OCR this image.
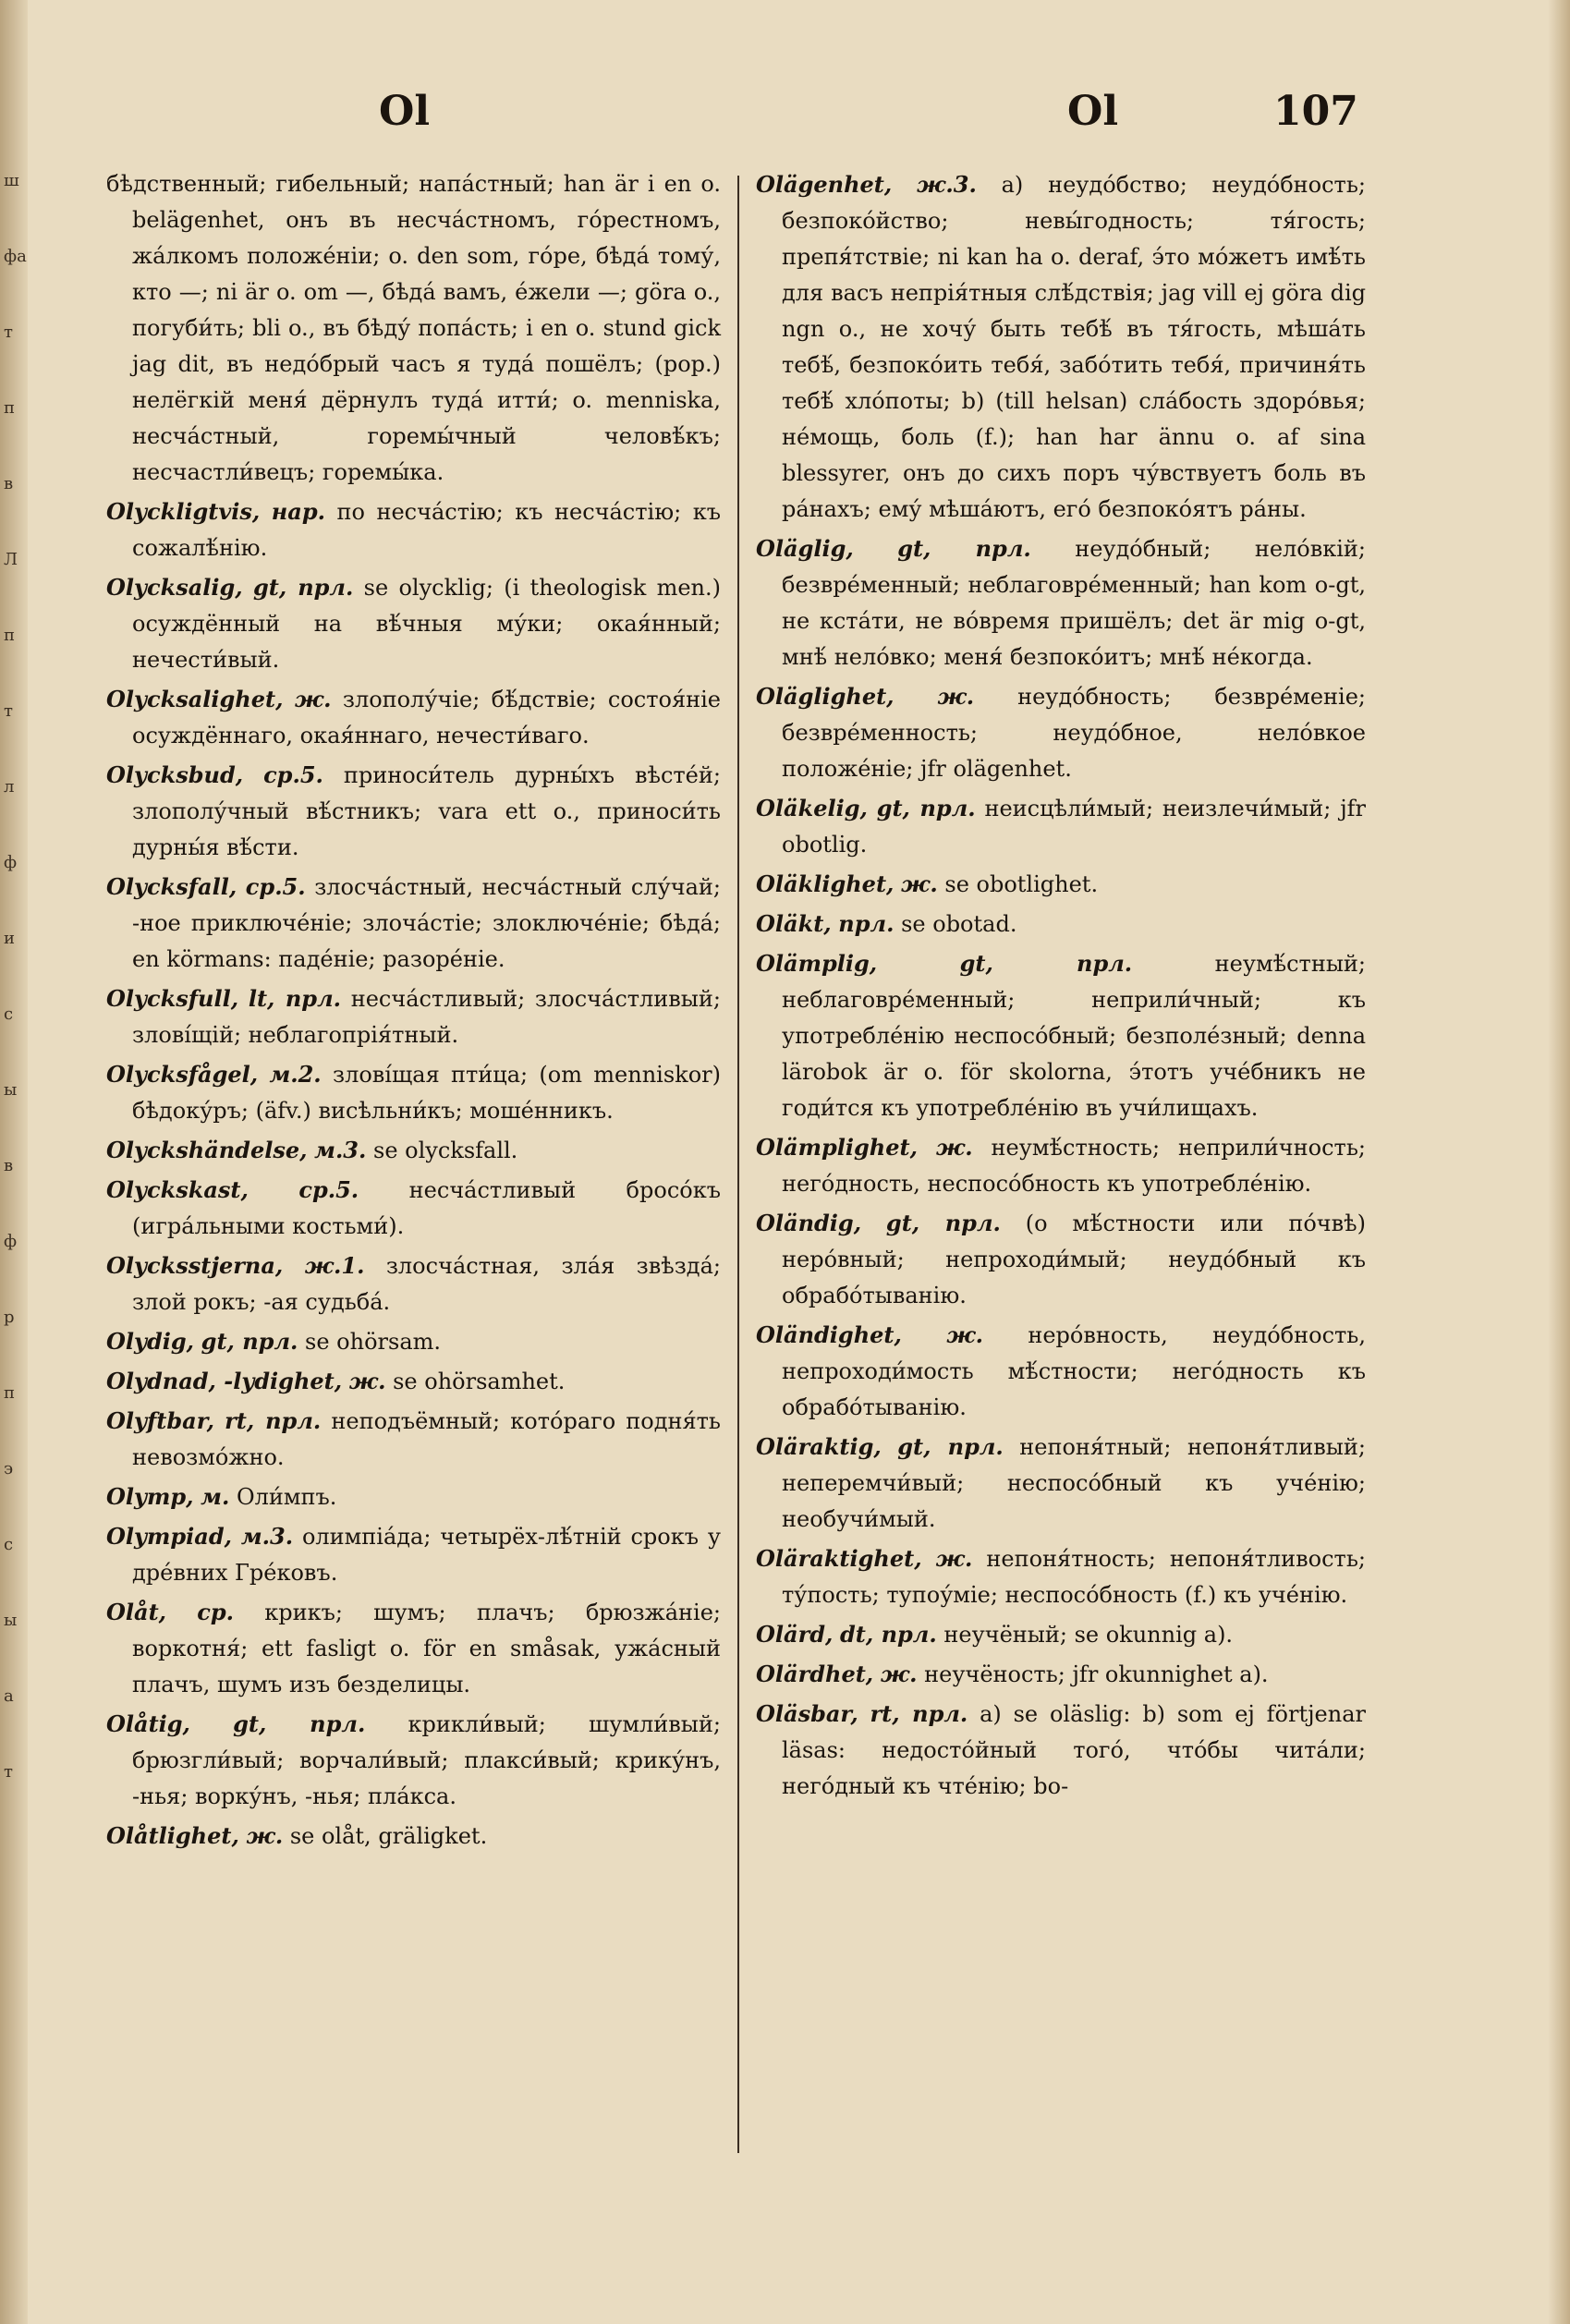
ш
фа
т
п
в
Л
п
т
л
ф
и
с
ы
в
ф
р
п
э
с
ы
а
т
Ol	Ol	107

бѣдственный; гибельный; напа́стный; han är i en o. belägenhet, онъ въ несча́стномъ, го́рестномъ, жа́лкомъ положе́ніи; o. den som, го́ре, бѣда́ тому́, кто —; ni är o. om —, бѣда́ вамъ, е́жели —; göra o., погуби́ть; bli o., въ бѣду́ попа́сть; i en o. stund gick jag dit, въ недо́брый часъ я туда́ пошёлъ; (pop.) нелёгкій меня́ дёрнулъ туда́ итти́; o. menniska, несча́стный, горемы́чный человѣ́къ; несчастли́вецъ; горемы́ка.

Olyckligtvis, нар. по несча́стію; къ несча́стію; къ сожалѣ́нію.

Olycksalig, gt, прл. se olycklig; (i theologisk men.) осуждённый на вѣ́чныя му́ки; окая́нный; нечести́вый.

Olycksalighet, ж. злополу́чіе; бѣ́дствіе; состоя́ніе осуждённаго, окая́ннаго, нечести́ваго.

Olycksbud, ср.5. приноси́тель дурны́хъ вѣсте́й; злополу́чный вѣ́стникъ; vara ett o., приноси́ть дурны́я вѣ́сти.

Olycksfall, ср.5. злосча́стный, несча́стный слу́чай; -ное приключе́ніе; злоча́стіе; злоключе́ніе; бѣда́; en körmans: паде́ніе; разоре́ніе.

Olycksfull, lt, прл. несча́стливый; злосча́стливый; злові́щій; неблагопрія́тный.

Olycksfågel, м.2. злові́щая пти́ца; (om menniskor) бѣдоку́ръ; (äfv.) висѣльни́къ; моше́нникъ.

Olyckshändelse, м.3. se olycksfall.

Olyckskast, ср.5. несча́стливый бросо́къ (игра́льными костьми́).

Olycksstjerna, ж.1. злосча́стная, зла́я звѣзда́; злой рокъ; -ая судьба́.

Olydig, gt, прл. se ohörsam.

Olydnad, -lydighet, ж. se ohörsamhet.

Olyftbar, rt, прл. неподъёмный; кото́раго подня́ть невозмо́жно.

Olymp, м. Оли́мпъ.

Olympiad, м.3. олимпіа́да; четырёх-лѣ́тній срокъ у дре́вних Гре́ковъ.

Olåt, ср. крикъ; шумъ; плачъ; брюзжа́ніе; воркотня́; ett fasligt o. för en småsak, ужа́сный плачъ, шумъ изъ безделицы.

Olåtig, gt, прл. крикли́вый; шумли́вый; брюзгли́вый; ворчали́вый; плакси́вый; крику́нъ, -нья; ворку́нъ, -нья; пла́кса.

Olåtlighet, ж. se olåt, gräligket.

Olägenhet, ж.3. a) неудо́бство; неудо́бность; безпоко́йство; невы́годность; тя́гость; препя́тствіе; ni kan ha o. deraf, э́то мо́жетъ имѣ́ть для васъ непрія́тныя слѣ́дствія; jag vill ej göra dig ngn o., не хочу́ быть тебѣ́ въ тя́гость, мѣша́ть тебѣ́, безпоко́ить тебя́, забо́тить тебя́, причиня́ть тебѣ́ хло́поты; b) (till helsan) сла́бость здоро́вья; не́мощь, боль (f.); han har ännu o. af sina blessyrer, онъ до сихъ поръ чу́вствуетъ боль въ ра́нахъ; ему́ мѣша́ютъ, его́ безпоко́ятъ ра́ны.

Oläglig, gt, прл. неудо́бный; нело́вкій; безвре́менный; неблаговре́менный; han kom o-gt, не кста́ти, не во́время пришёлъ; det är mig o-gt, мнѣ́ нело́вко; меня́ безпоко́итъ; мнѣ́ не́когда.

Oläglighet, ж. неудо́бность; безвре́меніе; безвре́менность; неудо́бное, нело́вкое положе́ніе; jfr olägenhet.

Oläkelig, gt, прл. неисцѣли́мый; неизлечи́мый; jfr obotlig.

Oläklighet, ж. se obotlighet.

Oläkt, прл. se obotad.

Olämplig,	gt, прл.	неумѣ́стный; неблаговре́менный; неприли́чный; къ употребле́нію неспосо́бный; безполе́зный; denna lärobok är o. för skolorna, э́тотъ уче́бникъ не годи́тся къ употребле́нію въ учи́лищахъ.

Olämplighet, ж. неумѣ́стность; неприли́чность; него́дность, неспосо́бность къ употребле́нію.

Oländig, gt, прл. (о мѣ́стности или по́чвѣ) неро́вный; непроходи́мый; неудо́бный къ обрабо́тыванію.

Oländighet, ж. неро́вность, неудо́бность, непроходи́мость мѣ́стности; него́дность къ обрабо́тыванію.

Oläraktig, gt, прл. непоня́тный; непоня́тливый; неперемчи́вый; неспосо́бный къ уче́нію; необучи́мый.

Oläraktighet, ж. непоня́тность; непоня́тливость; ту́пость; тупоу́міе; неспосо́бность (f.) къ уче́нію.

Olärd, dt, прл. неучёный; se okunnig a).

Olärdhet, ж. неучёность; jfr okunnighet a).

Oläsbar, rt, прл. a) se oläslig: b) som ej förtjenar läsas: недосто́йный того́, что́бы чита́ли; него́дный къ чте́нію; bo-
